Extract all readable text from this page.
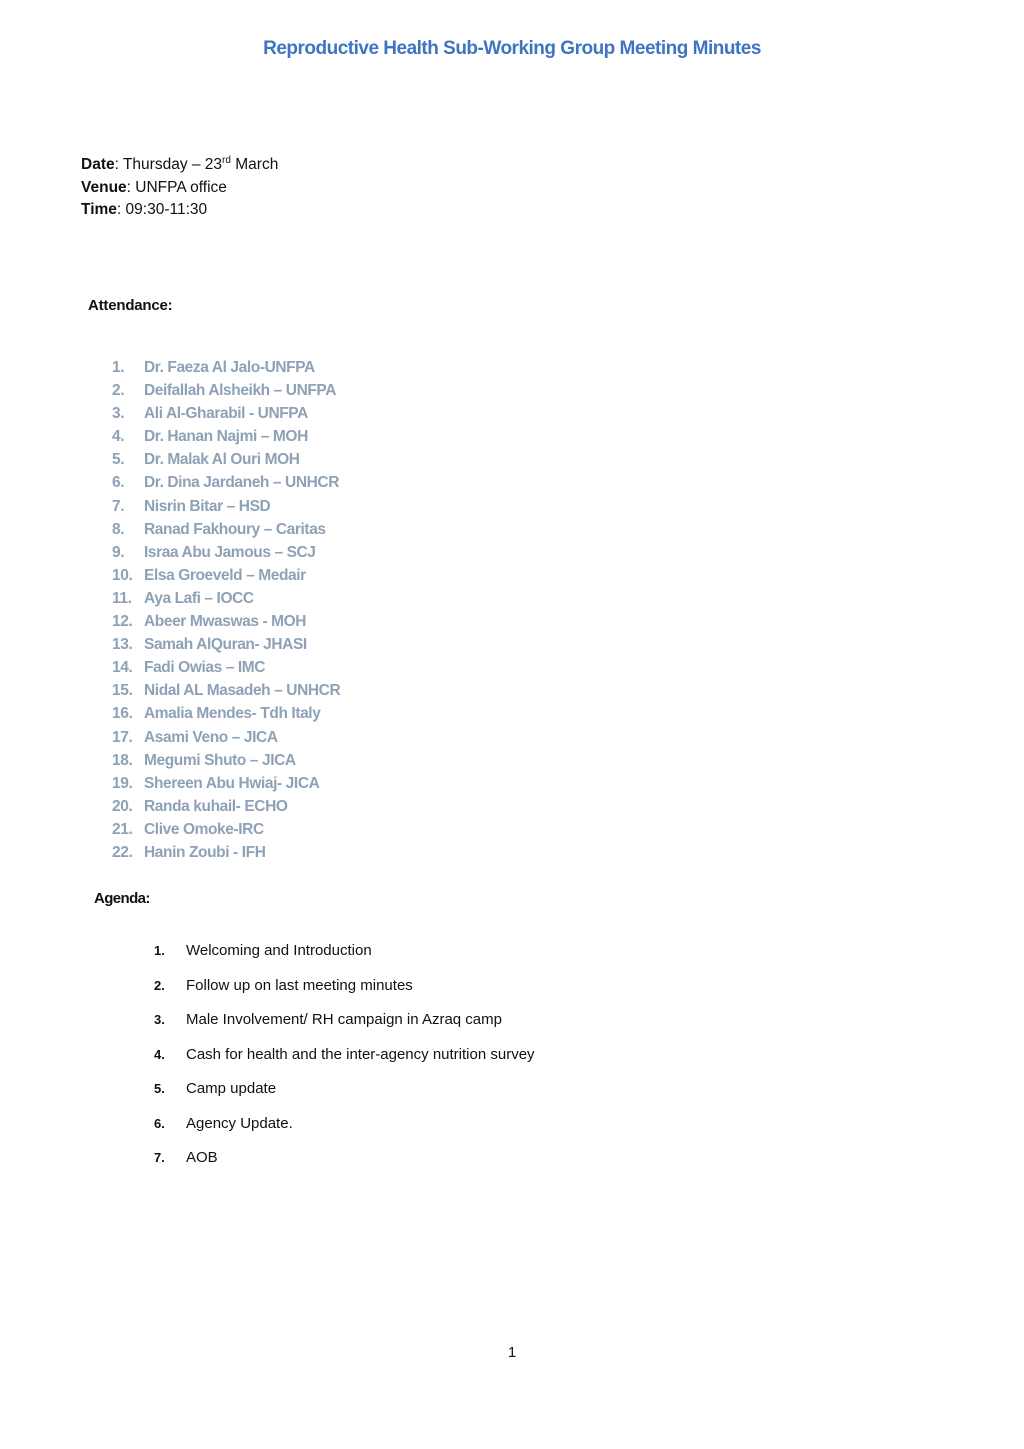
Reproductive Health Sub-Working Group Meeting Minutes
Date: Thursday – 23rd March
Venue: UNFPA office
Time: 09:30-11:30
Attendance:
1. Dr. Faeza Al Jalo-UNFPA
2. Deifallah Alsheikh – UNFPA
3. Ali Al-Gharabil - UNFPA
4. Dr. Hanan Najmi – MOH
5. Dr. Malak Al Ouri MOH
6. Dr. Dina Jardaneh – UNHCR
7. Nisrin Bitar – HSD
8. Ranad Fakhoury – Caritas
9. Israa Abu Jamous – SCJ
10. Elsa Groeveld – Medair
11. Aya Lafi – IOCC
12. Abeer Mwaswas - MOH
13. Samah AlQuran- JHASI
14. Fadi Owias – IMC
15. Nidal AL Masadeh – UNHCR
16. Amalia Mendes- Tdh Italy
17. Asami Veno – JICA
18. Megumi Shuto – JICA
19. Shereen Abu Hwiaj- JICA
20. Randa kuhail- ECHO
21. Clive Omoke-IRC
22. Hanin Zoubi - IFH
Agenda:
1. Welcoming and Introduction
2. Follow up on last meeting minutes
3. Male Involvement/ RH campaign in Azraq camp
4. Cash for health and the inter-agency nutrition survey
5. Camp update
6. Agency Update.
7. AOB
1
